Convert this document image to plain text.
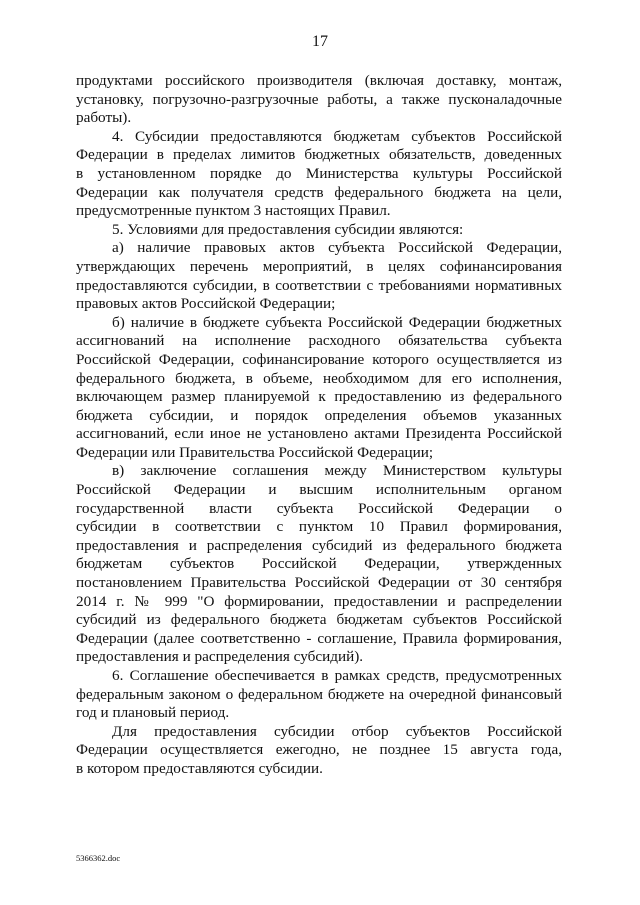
17
продуктами российского производителя (включая доставку, монтаж,
установку, погрузочно-разгрузочные работы, а также пусконаладочные
работы).
4. Субсидии предоставляются бюджетам субъектов Российской
Федерации в пределах лимитов бюджетных обязательств, доведенных
в установленном порядке до Министерства культуры Российской
Федерации как получателя средств федерального бюджета на цели,
предусмотренные пунктом 3 настоящих Правил.
5. Условиями для предоставления субсидии являются:
а) наличие правовых актов субъекта Российской Федерации,
утверждающих перечень мероприятий, в целях софинансирования
предоставляются субсидии, в соответствии с требованиями нормативных
правовых актов Российской Федерации;
б) наличие в бюджете субъекта Российской Федерации бюджетных
ассигнований на исполнение расходного обязательства субъекта
Российской Федерации, софинансирование которого осуществляется из
федерального бюджета, в объеме, необходимом для его исполнения,
включающем размер планируемой к предоставлению из федерального
бюджета субсидии, и порядок определения объемов указанных
ассигнований, если иное не установлено актами Президента Российской
Федерации или Правительства Российской Федерации;
в) заключение соглашения между Министерством культуры
Российской Федерации и высшим исполнительным органом
государственной власти субъекта Российской Федерации о
субсидии в соответствии с пунктом 10 Правил формирования,
предоставления и распределения субсидий из федерального бюджета
бюджетам субъектов Российской Федерации, утвержденных
постановлением Правительства Российской Федерации от 30 сентября
2014 г. № 999 "О формировании, предоставлении и распределении
субсидий из федерального бюджета бюджетам субъектов Российской
Федерации (далее соответственно - соглашение, Правила формирования,
предоставления и распределения субсидий).
6. Соглашение обеспечивается в рамках средств, предусмотренных
федеральным законом о федеральном бюджете на очередной финансовый
год и плановый период.
Для предоставления субсидии отбор субъектов Российской
Федерации осуществляется ежегодно, не позднее 15 августа года,
в котором предоставляются субсидии.
5366362.doc
